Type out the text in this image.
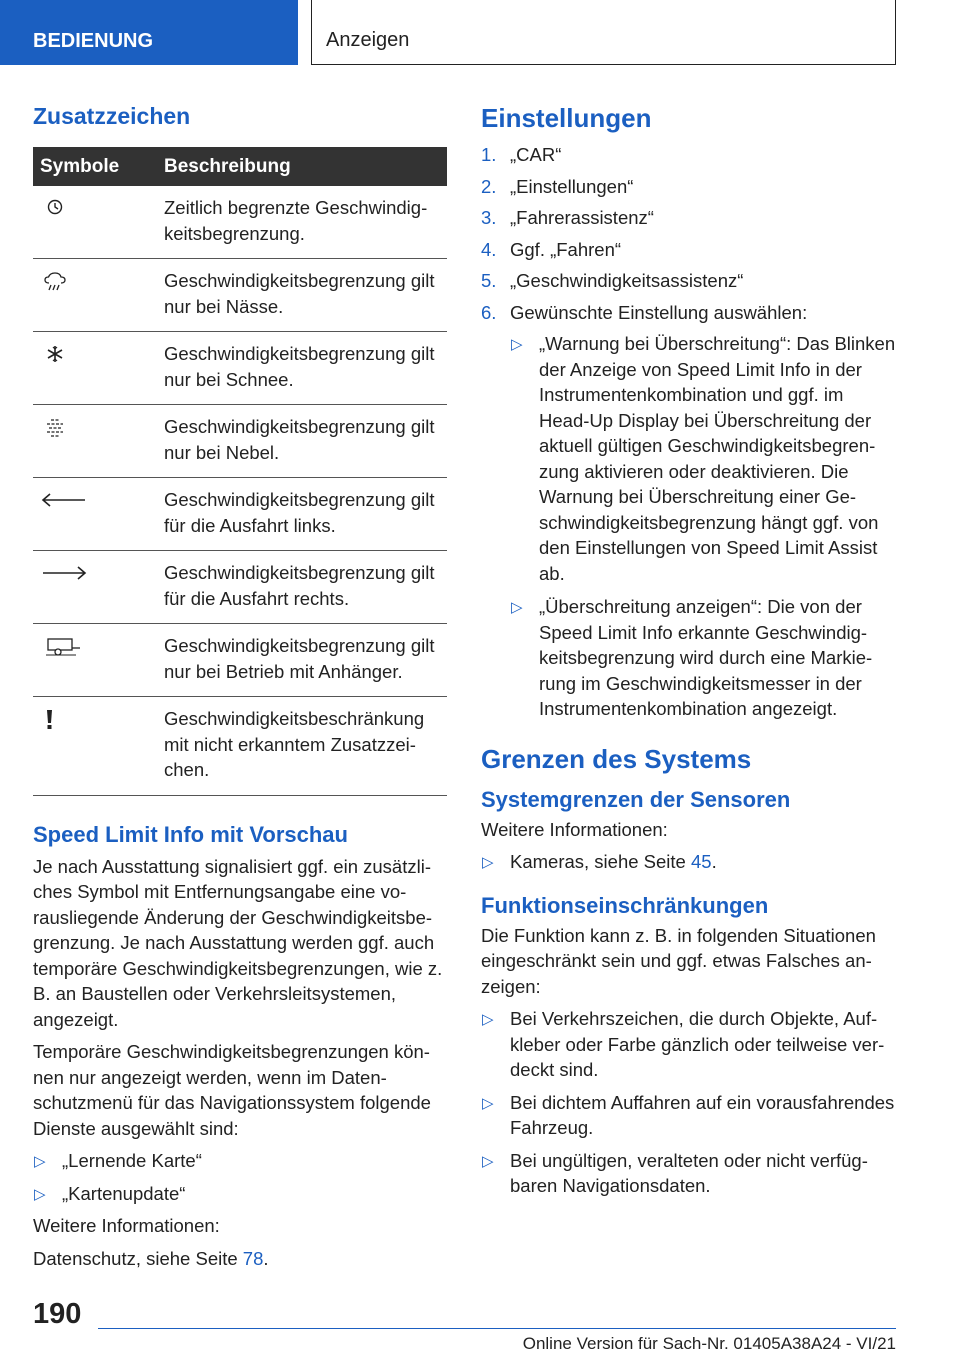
BEDIENUNG	Anzeigen
Zusatzzeichen
Symbole	Beschreibung

	Zeitlich begrenzte Geschwindigkeitsbegrenzung.

	Geschwindigkeitsbegrenzung gilt nur bei Nässe.

	Geschwindigkeitsbegrenzung gilt nur bei Schnee.

	Geschwindigkeitsbegrenzung gilt nur bei Nebel.

	Geschwindigkeitsbegrenzung gilt für die Ausfahrt links.

	Geschwindigkeitsbegrenzung gilt für die Ausfahrt rechts.

	Geschwindigkeitsbegrenzung gilt nur bei Betrieb mit Anhänger.

	Geschwindigkeitsbeschränkung mit nicht erkanntem Zusatzzeichen.
Speed Limit Info mit Vorschau

Je nach Ausstattung signalisiert ggf. ein zusätzliches Symbol mit Entfernungsangabe eine vorausliegende Änderung der Geschwindigkeitsbegrenzung. Je nach Ausstattung werden ggf. auch temporäre Geschwindigkeitsbegrenzungen, wie z. B. an Baustellen oder Verkehrsleitsystemen, angezeigt.

Temporäre Geschwindigkeitsbegrenzungen können nur angezeigt werden, wenn im Datenschutzmenü für das Navigationssystem folgende Dienste ausgewählt sind:

▷ „Lernende Karte“
▷ „Kartenupdate“

Weitere Informationen:

Datenschutz, siehe Seite 78.

Einstellungen
1. „CAR“
2. „Einstellungen“
3. „Fahrerassistenz“
4. Ggf. „Fahren“
5. „Geschwindigkeitsassistenz“
6. Gewünschte Einstellung auswählen:
▷ „Warnung bei Überschreitung“: Das Blinken der Anzeige von Speed Limit Info in der Instrumentenkombination und ggf. im Head-Up Display bei Überschreitung der aktuell gültigen Geschwindigkeitsbegrenzung aktivieren oder deaktivieren. Die Warnung bei Überschreitung einer Geschwindigkeitsbegrenzung hängt ggf. von den Einstellungen von Speed Limit Assist ab.
▷ „Überschreitung anzeigen“: Die von der Speed Limit Info erkannte Geschwindigkeitsbegrenzung wird durch eine Markierung im Geschwindigkeitsmesser in der Instrumentenkombination angezeigt.
Grenzen des Systems
Systemgrenzen der Sensoren

Weitere Informationen:

▷ Kameras, siehe Seite 45.
Funktionseinschränkungen

Die Funktion kann z. B. in folgenden Situationen eingeschränkt sein und ggf. etwas Falsches anzeigen:

▷ Bei Verkehrszeichen, die durch Objekte, Aufkleber oder Farbe gänzlich oder teilweise verdeckt sind.
▷ Bei dichtem Auffahren auf ein vorausfahrendes Fahrzeug.
▷ Bei ungültigen, veralteten oder nicht verfügbaren Navigationsdaten.
190
Online Version für Sach-Nr. 01405A38A24 - VI/21
